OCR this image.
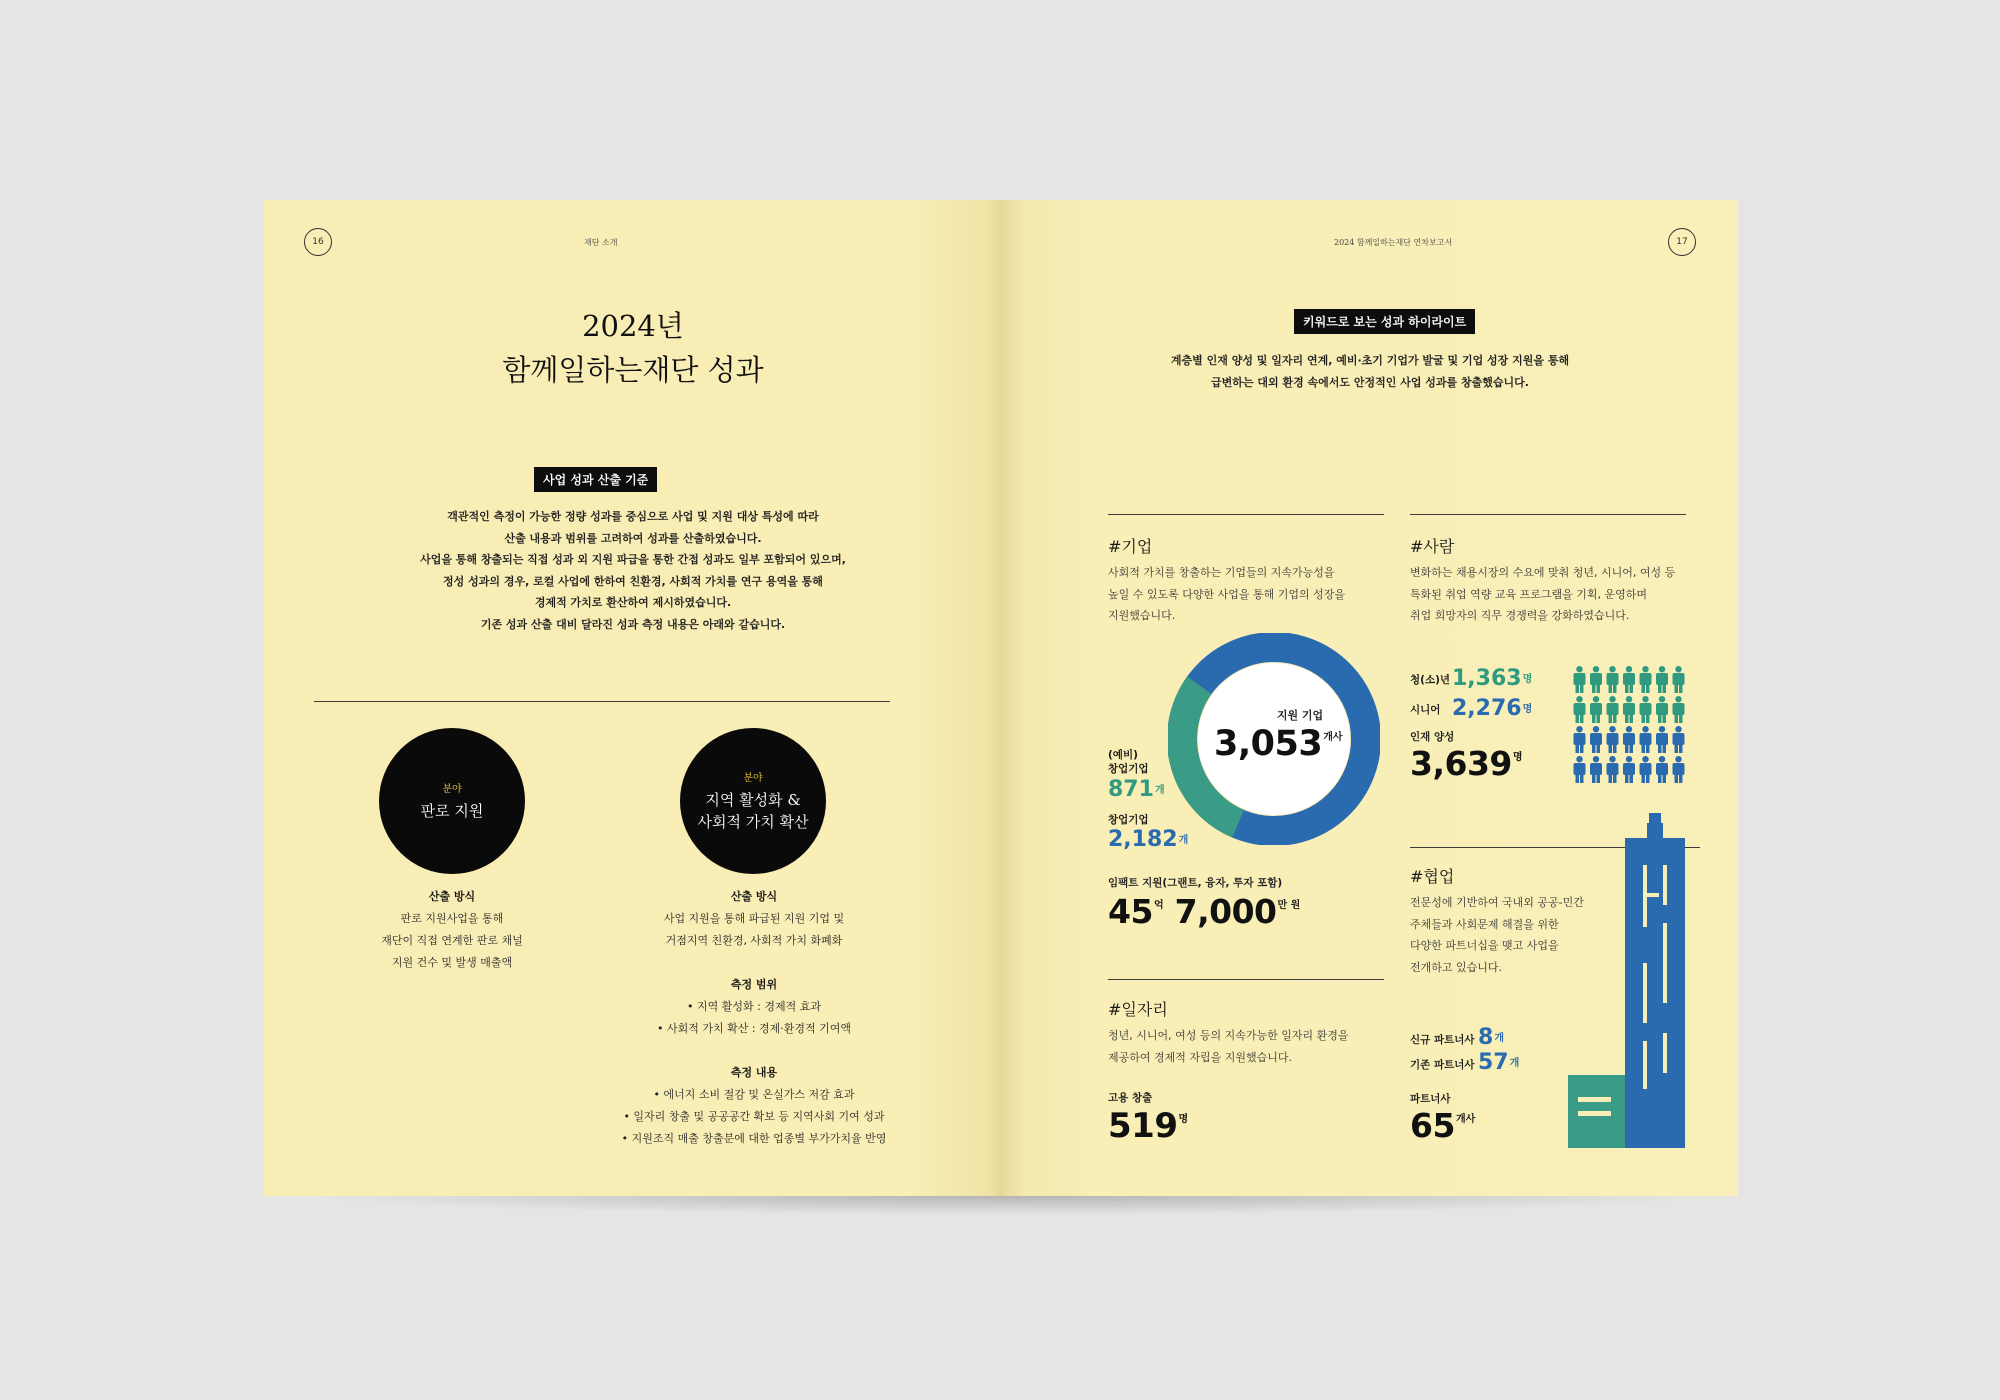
16	재단 소개
2024년
함께일하는재단 성과
사업 성과 산출 기준
객관적인 측정이 가능한 정량 성과를 중심으로 사업 및 지원 대상 특성에 따라
산출 내용과 범위를 고려하여 성과를 산출하였습니다.
사업을 통해 창출되는 직접 성과 외 지원 파급을 통한 간접 성과도 일부 포함되어 있으며,
정성 성과의 경우, 로컬 사업에 한하여 친환경, 사회적 가치를 연구 용역을 통해
경제적 가치로 환산하여 제시하였습니다.
기존 성과 산출 대비 달라진 성과 측정 내용은 아래와 같습니다.
분야
판로 지원
산출 방식
판로 지원사업을 통해
재단이 직접 연계한 판로 채널
지원 건수 및 발생 매출액
분야
지역 활성화 &
사회적 가치 확산
산출 방식
사업 지원을 통해 파급된 지원 기업 및
거점지역 친환경, 사회적 가치 화폐화
측정 범위
• 지역 활성화 : 경제적 효과
• 사회적 가치 확산 : 경제·환경적 기여액
측정 내용
• 에너지 소비 절감 및 온실가스 저감 효과
• 일자리 창출 및 공공공간 확보 등 지역사회 기여 성과
• 지원조직 매출 창출분에 대한 업종별 부가가치율 반영
2024 함께일하는재단 연차보고서	17
키워드로 보는 성과 하이라이트
계층별 인재 양성 및 일자리 연계, 예비·초기 기업가 발굴 및 기업 성장 지원을 통해
급변하는 대외 환경 속에서도 안정적인 사업 성과를 창출했습니다.
#기업
사회적 가치를 창출하는 기업들의 지속가능성을
높일 수 있도록 다양한 사업을 통해 기업의 성장을
지원했습니다.
지원 기업
$3,053^{개사}$
(예비)
창업기업
$871^개$
창업기업
$2,182^개$
임팩트 지원(그랜트, 융자, 투자 포함)
$45^억$ $7,000^{만 원}$
#일자리
청년, 시니어, 여성 등의 지속가능한 일자리 환경을
제공하여 경제적 자립을 지원했습니다.
고용 창출
$519^명$
#사람
변화하는 채용시장의 수요에 맞춰 청년, 시니어, 여성 등
특화된 취업 역량 교육 프로그램을 기획, 운영하며
취업 희망자의 직무 경쟁력을 강화하였습니다.
청(소)년 $1,363^명$
시니어 $2,276^명$
인재 양성
$3,639^명$
#협업
전문성에 기반하여 국내외 공공-민간
주체들과 사회문제 해결을 위한
다양한 파트너십을 맺고 사업을
전개하고 있습니다.
신규 파트너사 $8^개$
기존 파트너사 $57^개$
파트너사
$65^{개사}$
